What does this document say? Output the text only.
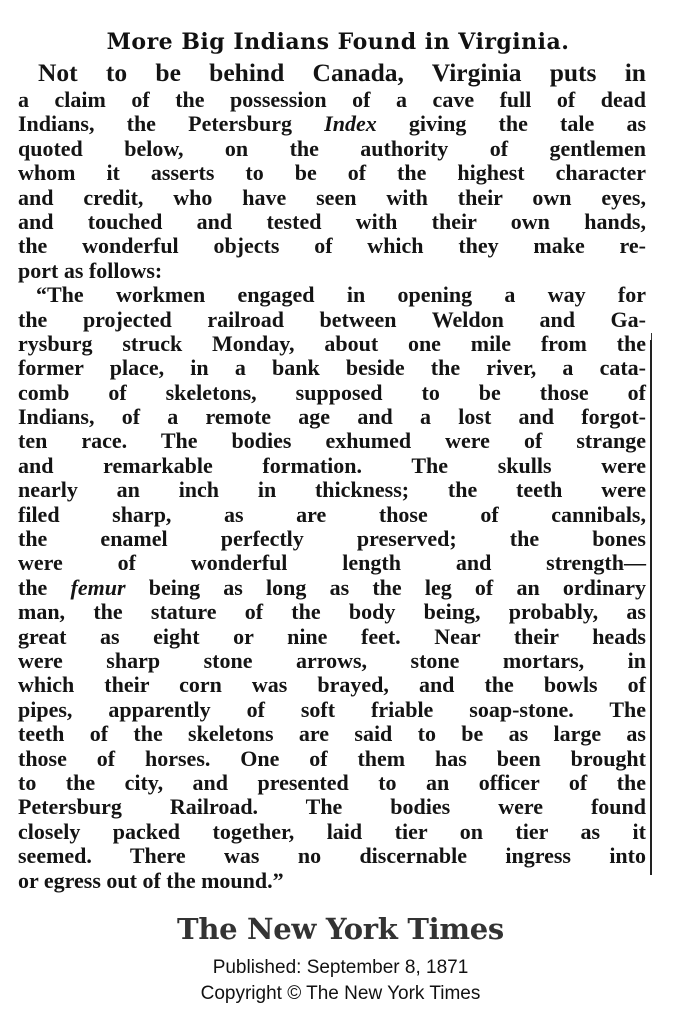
More Big Indians Found in Virginia.
Not to be behind Canada, Virginia puts in
a claim of the possession of a cave full of dead
Indians, the Petersburg Index giving the tale as
quoted below, on the authority of gentlemen
whom it asserts to be of the highest character
and credit, who have seen with their own eyes,
and touched and tested with their own hands,
the wonderful objects of which they make re-
port as follows:
“The workmen engaged in opening a way for
the projected railroad between Weldon and Ga-
rysburg struck Monday, about one mile from the
former place, in a bank beside the river, a cata-
comb of skeletons, supposed to be those of
Indians, of a remote age and a lost and forgot-
ten race. The bodies exhumed were of strange
and remarkable formation. The skulls were
nearly an inch in thickness; the teeth were
filed sharp, as are those of cannibals,
the enamel perfectly preserved; the bones
were of wonderful length and strength—
the femur being as long as the leg of an ordinary
man, the stature of the body being, probably, as
great as eight or nine feet. Near their heads
were sharp stone arrows, stone mortars, in
which their corn was brayed, and the bowls of
pipes, apparently of soft friable soap-stone. The
teeth of the skeletons are said to be as large as
those of horses. One of them has been brought
to the city, and presented to an officer of the
Petersburg Railroad. The bodies were found
closely packed together, laid tier on tier as it
seemed. There was no discernable ingress into
or egress out of the mound.”
The New York Times
Published: September 8, 1871
Copyright © The New York Times
